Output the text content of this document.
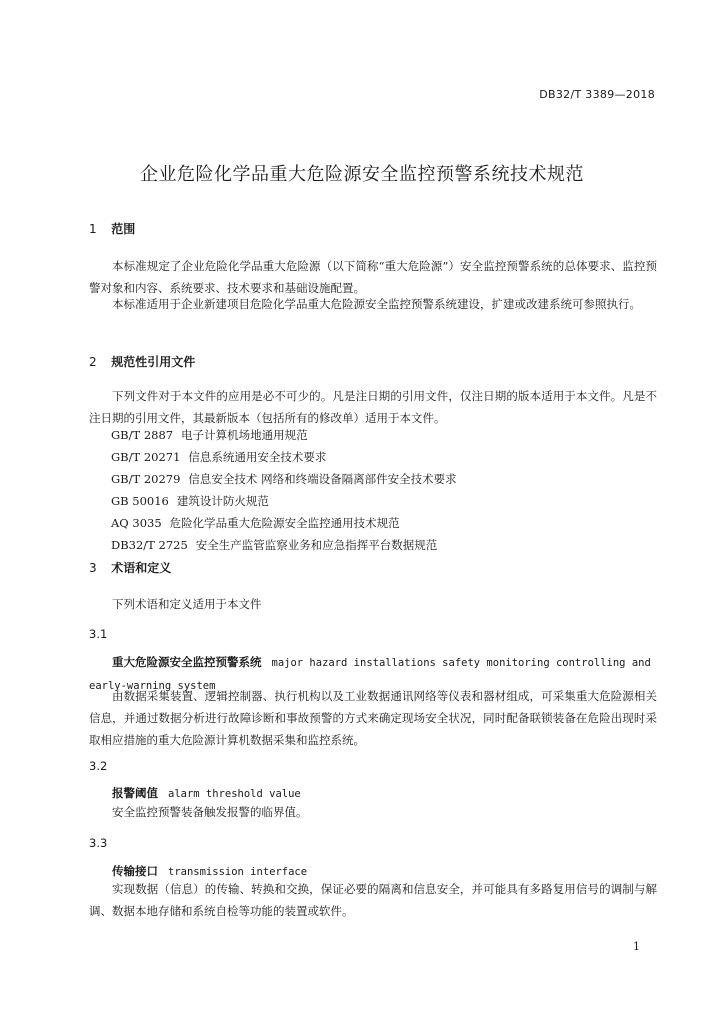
DB32/T 3389—2018
企业危险化学品重大危险源安全监控预警系统技术规范
1 范围

本标准规定了企业危险化学品重大危险源（以下简称“重大危险源”）安全监控预警系统的总体要求、监控预警对象和内容、系统要求、技术要求和基础设施配置。

本标准适用于企业新建项目危险化学品重大危险源安全监控预警系统建设，扩建或改建系统可参照执行。

2 规范性引用文件

下列文件对于本文件的应用是必不可少的。凡是注日期的引用文件，仅注日期的版本适用于本文件。凡是不注日期的引用文件，其最新版本（包括所有的修改单）适用于本文件。

GB/T 2887 电子计算机场地通用规范
GB/T 20271 信息系统通用安全技术要求
GB/T 20279 信息安全技术 网络和终端设备隔离部件安全技术要求
GB 50016 建筑设计防火规范
AQ 3035 危险化学品重大危险源安全监控通用技术规范
DB32/T 2725 安全生产监管监察业务和应急指挥平台数据规范
3 术语和定义

下列术语和定义适用于本文件

3.1

重大危险源安全监控预警系统 major hazard installations safety monitoring controlling and early-warning system

由数据采集装置、逻辑控制器、执行机构以及工业数据通讯网络等仪表和器材组成，可采集重大危险源相关信息，并通过数据分析进行故障诊断和事故预警的方式来确定现场安全状况，同时配备联锁装备在危险出现时采取相应措施的重大危险源计算机数据采集和监控系统。

3.2

报警阈值 alarm threshold value

安全监控预警装备触发报警的临界值。

3.3

传输接口 transmission interface

实现数据（信息）的传输、转换和交换，保证必要的隔离和信息安全，并可能具有多路复用信号的调制与解调、数据本地存储和系统自检等功能的装置或软件。

1
